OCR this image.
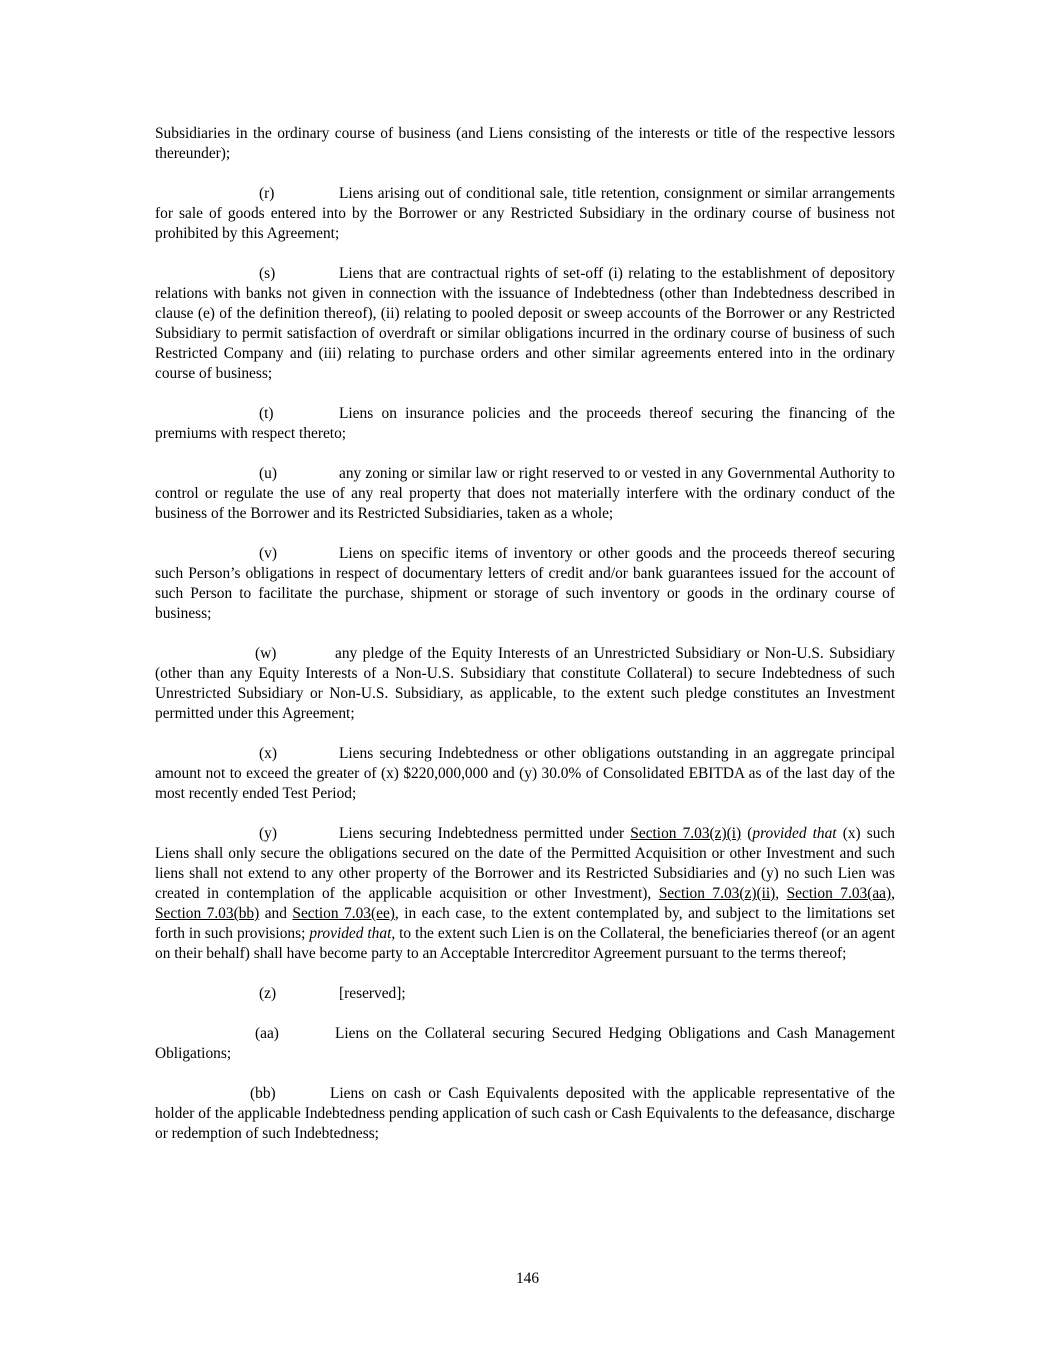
Subsidiaries in the ordinary course of business (and Liens consisting of the interests or title of the respective lessors thereunder);

(r)	Liens arising out of conditional sale, title retention, consignment or similar arrangements for sale of goods entered into by the Borrower or any Restricted Subsidiary in the ordinary course of business not prohibited by this Agreement;

(s)	Liens that are contractual rights of set-off (i) relating to the establishment of depository relations with banks not given in connection with the issuance of Indebtedness (other than Indebtedness described in clause (e) of the definition thereof), (ii) relating to pooled deposit or sweep accounts of the Borrower or any Restricted Subsidiary to permit satisfaction of overdraft or similar obligations incurred in the ordinary course of business of such Restricted Company and (iii) relating to purchase orders and other similar agreements entered into in the ordinary course of business;

(t)	Liens on insurance policies and the proceeds thereof securing the financing of the premiums with respect thereto;

(u)	any zoning or similar law or right reserved to or vested in any Governmental Authority to control or regulate the use of any real property that does not materially interfere with the ordinary conduct of the business of the Borrower and its Restricted Subsidiaries, taken as a whole;

(v)	Liens on specific items of inventory or other goods and the proceeds thereof securing such Person’s obligations in respect of documentary letters of credit and/or bank guarantees issued for the account of such Person to facilitate the purchase, shipment or storage of such inventory or goods in the ordinary course of business;

(w)	any pledge of the Equity Interests of an Unrestricted Subsidiary or Non-U.S. Subsidiary (other than any Equity Interests of a Non-U.S. Subsidiary that constitute Collateral) to secure Indebtedness of such Unrestricted Subsidiary or Non-U.S. Subsidiary, as applicable, to the extent such pledge constitutes an Investment permitted under this Agreement;

(x)	Liens securing Indebtedness or other obligations outstanding in an aggregate principal amount not to exceed the greater of (x) $220,000,000 and (y) 30.0% of Consolidated EBITDA as of the last day of the most recently ended Test Period;

(y)	Liens securing Indebtedness permitted under Section 7.03(z)(i) (provided that (x) such Liens shall only secure the obligations secured on the date of the Permitted Acquisition or other Investment and such liens shall not extend to any other property of the Borrower and its Restricted Subsidiaries and (y) no such Lien was created in contemplation of the applicable acquisition or other Investment), Section 7.03(z)(ii), Section 7.03(aa), Section 7.03(bb) and Section 7.03(ee), in each case, to the extent contemplated by, and subject to the limitations set forth in such provisions; provided that, to the extent such Lien is on the Collateral, the beneficiaries thereof (or an agent on their behalf) shall have become party to an Acceptable Intercreditor Agreement pursuant to the terms thereof;

(z)	[reserved];

(aa)	Liens on the Collateral securing Secured Hedging Obligations and Cash Management Obligations;

(bb)	Liens on cash or Cash Equivalents deposited with the applicable representative of the holder of the applicable Indebtedness pending application of such cash or Cash Equivalents to the defeasance, discharge or redemption of such Indebtedness;

146
